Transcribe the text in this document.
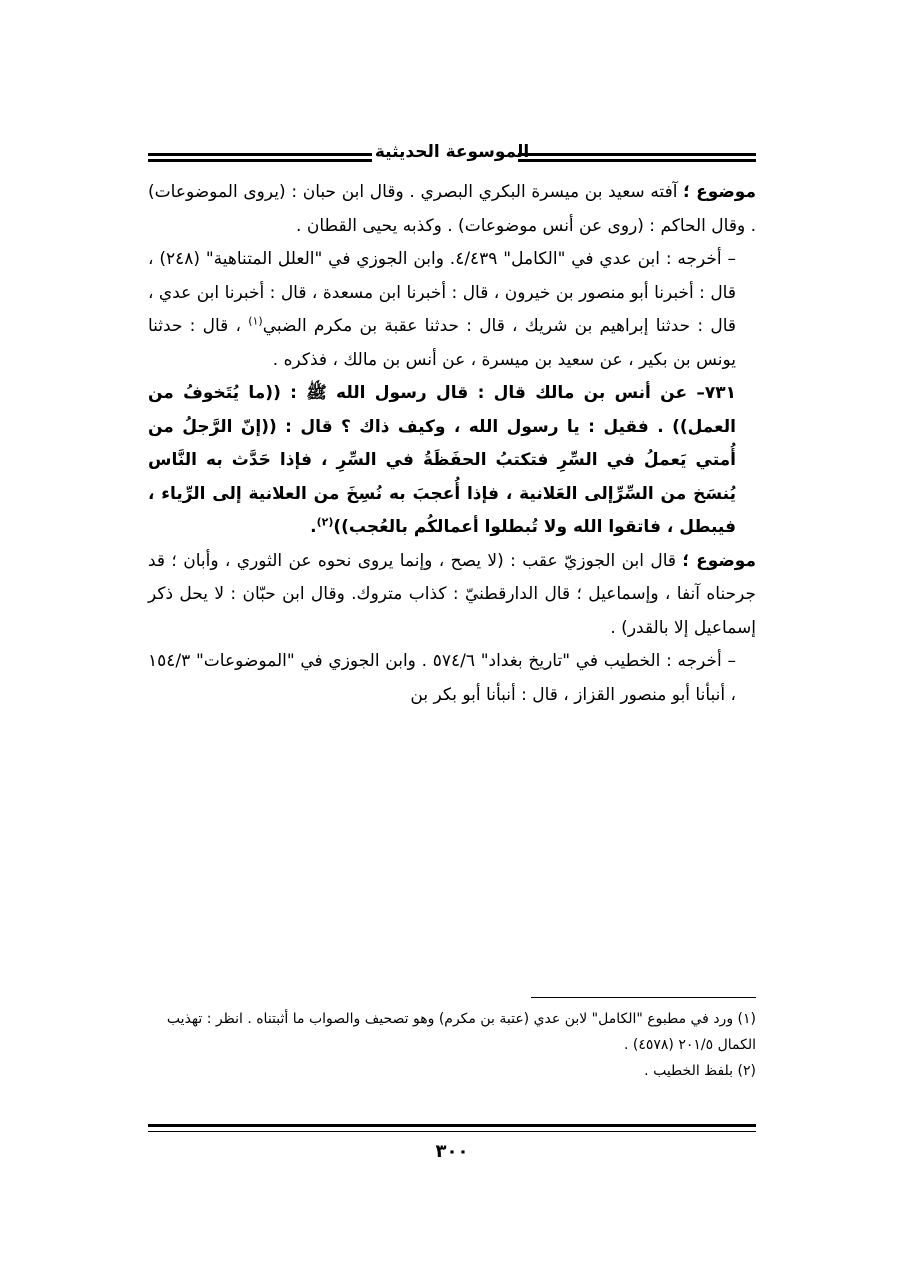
الموسوعة الحديثية

موضوع ؛ آفته سعيد بن ميسرة البكري البصري . وقال ابن حبان : (يروى الموضوعات) . وقال الحاكم : (روى عن أنس موضوعات) . وكذبه يحيى القطان .

– أخرجه : ابن عدي في "الكامل" ٤/٤٣٩. وابن الجوزي في "العلل المتناهية" (٢٤٨) ، قال : أخبرنا أبو منصور بن خيرون ، قال : أخبرنا ابن مسعدة ، قال : أخبرنا ابن عدي ، قال : حدثنا إبراهيم بن شريك ، قال : حدثنا عقبة بن مكرم الضبي$^{(١)}$ ، قال : حدثنا يونس بن بكير ، عن سعيد بن ميسرة ، عن أنس بن مالك ، فذكره .

٧٣١– عن أنس بن مالك قال : قال رسول الله ﷺ : ((ما يُتَخوفُ من العمل)) . فقيل : يا رسول الله ، وكيف ذاك ؟ قال : ((إنّ الرَّجلُ من أُمتي يَعملُ في السِّرِ فتكتبُ الحفَظَةُ في السِّرِ ، فإذا حَدَّث به النَّاس يُنسَخ من السِّرِّإلى العَلانية ، فإذا أُعجبَ به نُسِخَ من العلانية إلى الرِّياء ، فيبطل ، فاتقوا الله ولا تُبطلوا أعمالكُم بالعُجب))$^{(٢)}$.

موضوع ؛ قال ابن الجوزيّ عقب : (لا يصح ، وإنما يروى نحوه عن الثوري ، وأبان ؛ قد جرحناه آنفا ، وإسماعيل ؛ قال الدارقطنيّ : كذاب متروك. وقال ابن حبّان : لا يحل ذكر إسماعيل إلا بالقدر) .

– أخرجه : الخطيب في "تاريخ بغداد" ٥٧٤/٦ . وابن الجوزي في "الموضوعات" ١٥٤/٣ ، أنبأنا أبو منصور القزاز ، قال : أنبأنا أبو بكر بن

(١) ورد في مطبوع "الكامل" لابن عدي (عتبة بن مكرم) وهو تصحيف والصواب ما أثبتناه . انظر : تهذيب الكمال ٢٠١/٥ (٤٥٧٨) .

(٢) بلفظ الخطيب .

٣٠٠
